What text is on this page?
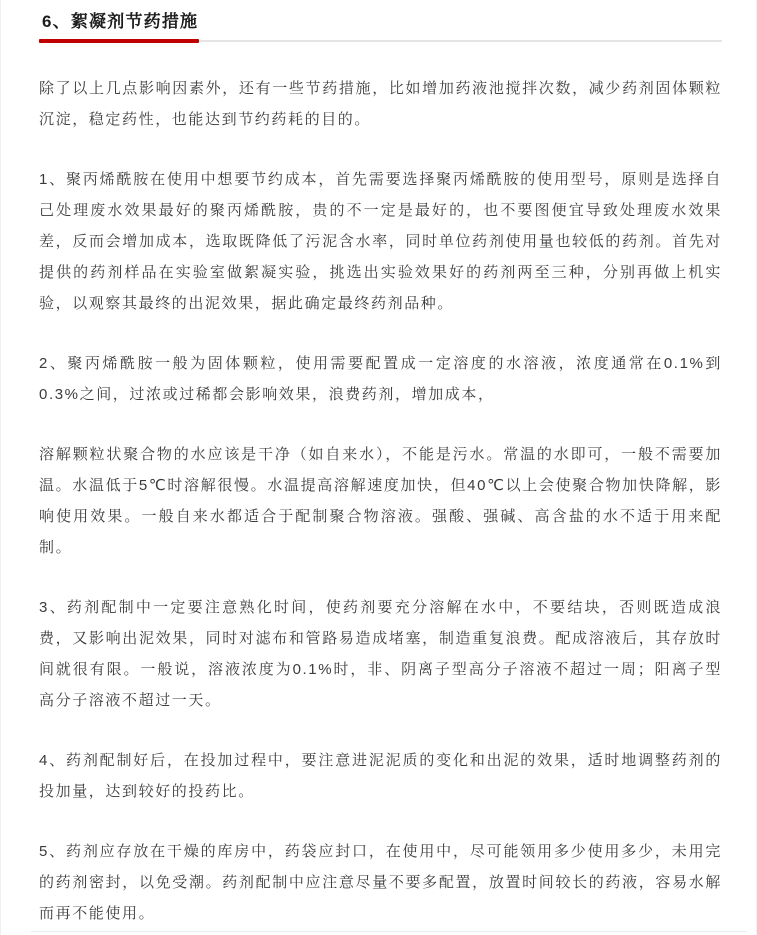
6、絮凝剂节药措施

除了以上几点影响因素外，还有一些节药措施，比如增加药液池搅拌次数，减少药剂固体颗粒沉淀，稳定药性，也能达到节约药耗的目的。

1、聚丙烯酰胺在使用中想要节约成本，首先需要选择聚丙烯酰胺的使用型号，原则是选择自己处理废水效果最好的聚丙烯酰胺，贵的不一定是最好的，也不要图便宜导致处理废水效果差，反而会增加成本，选取既降低了污泥含水率，同时单位药剂使用量也较低的药剂。首先对提供的药剂样品在实验室做絮凝实验，挑选出实验效果好的药剂两至三种，分别再做上机实验，以观察其最终的出泥效果，据此确定最终药剂品种。

2、聚丙烯酰胺一般为固体颗粒，使用需要配置成一定溶度的水溶液，浓度通常在0.1%到0.3%之间，过浓或过稀都会影响效果，浪费药剂，增加成本，

溶解颗粒状聚合物的水应该是干净（如自来水），不能是污水。常温的水即可，一般不需要加温。水温低于5℃时溶解很慢。水温提高溶解速度加快，但40℃以上会使聚合物加快降解，影响使用效果。一般自来水都适合于配制聚合物溶液。强酸、强碱、高含盐的水不适于用来配制。

3、药剂配制中一定要注意熟化时间，使药剂要充分溶解在水中，不要结块，否则既造成浪费，又影响出泥效果，同时对滤布和管路易造成堵塞，制造重复浪费。配成溶液后，其存放时间就很有限。一般说，溶液浓度为0.1%时，非、阴离子型高分子溶液不超过一周；阳离子型高分子溶液不超过一天。

4、药剂配制好后，在投加过程中，要注意进泥泥质的变化和出泥的效果，适时地调整药剂的投加量，达到较好的投药比。

5、药剂应存放在干燥的库房中，药袋应封口，在使用中，尽可能领用多少使用多少，未用完的药剂密封，以免受潮。药剂配制中应注意尽量不要多配置，放置时间较长的药液，容易水解而再不能使用。
